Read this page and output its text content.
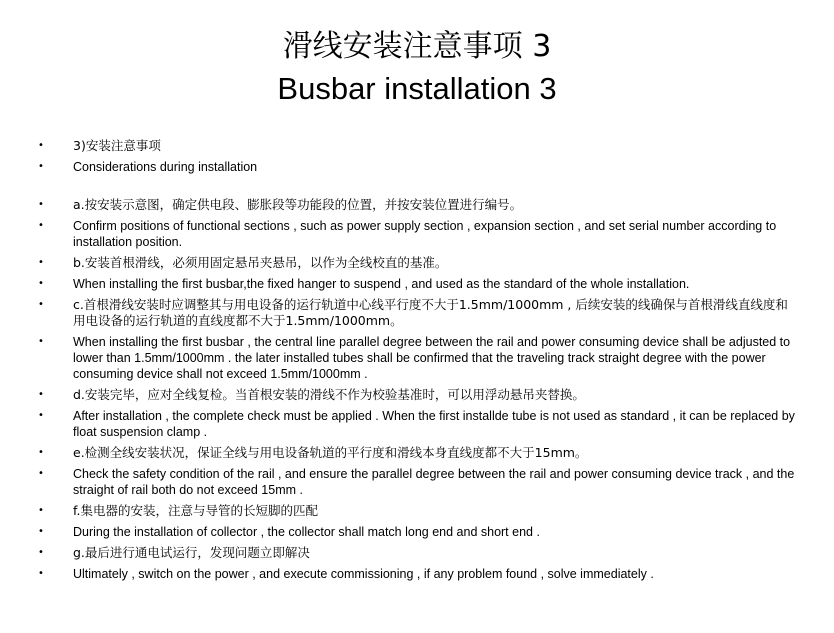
滑线安装注意事项 3
Busbar installation 3
•	3)安装注意事项
•	Considerations during installation
•	a.按安装示意图，确定供电段、膨胀段等功能段的位置，并按安装位置进行编号。
•	Confirm positions of functional sections , such as power supply section , expansion section , and set serial number according to installation position.
•	b.安装首根滑线，必须用固定悬吊夹悬吊，以作为全线校直的基准。
•	When installing the first busbar,the fixed hanger to suspend , and used as the standard of the whole installation.
•	c.首根滑线安装时应调整其与用电设备的运行轨道中心线平行度不大于1.5mm/1000mm , 后续安装的线确保与首根滑线直线度和用电设备的运行轨道的直线度都不大于1.5mm/1000mm。
•	When installing the first busbar , the central line parallel degree between the rail and power consuming device shall be adjusted to lower than 1.5mm/1000mm . the later installed tubes shall be confirmed that the traveling track straight degree with the power consuming device shall not exceed 1.5mm/1000mm .
•	d.安装完毕，应对全线复检。当首根安装的滑线不作为校验基准时，可以用浮动悬吊夹替换。
•	After installation , the complete check must be applied . When the first installde tube is not used as standard , it can be replaced by float suspension clamp .
•	e.检测全线安装状况，保证全线与用电设备轨道的平行度和滑线本身直线度都不大于15mm。
•	Check the safety condition of the rail , and ensure the parallel degree between the rail and power consuming device track , and the straight of rail both do not exceed 15mm .
•	f.集电器的安装，注意与导管的长短脚的匹配
•	During the installation of collector , the collector shall match long end and short end .
•	g.最后进行通电试运行，发现问题立即解决
•	Ultimately , switch on the power , and execute commissioning , if any problem found , solve immediately .
